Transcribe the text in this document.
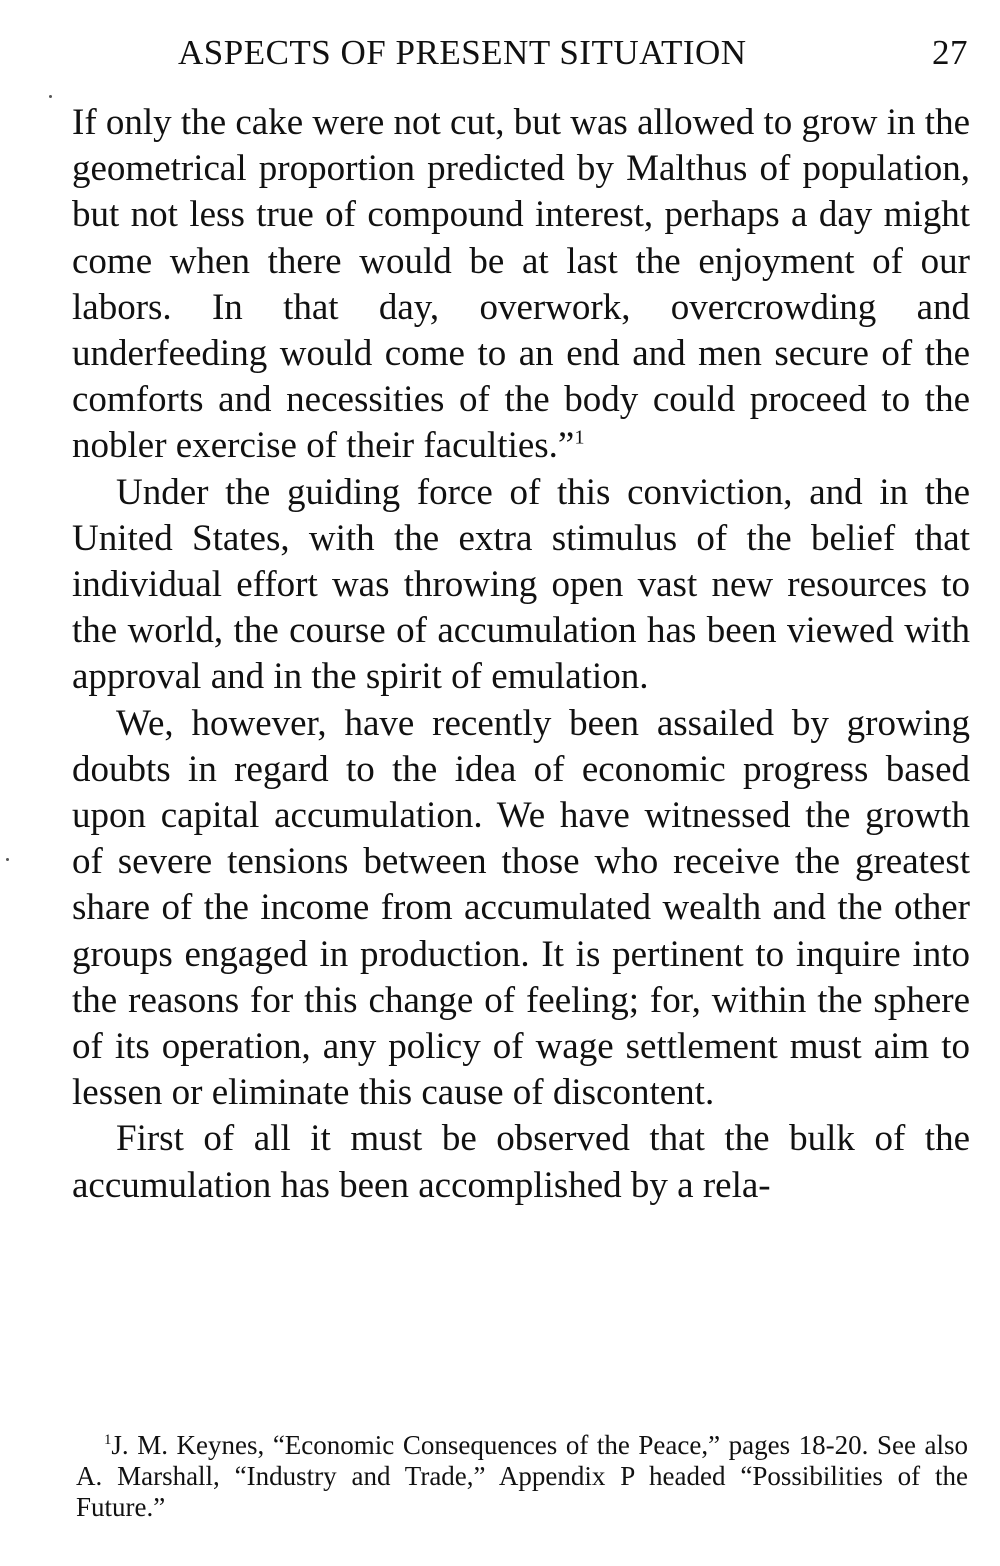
ASPECTS OF PRESENT SITUATION	27

If only the cake were not cut, but was allowed to grow in the geometrical proportion predicted by Malthus of population, but not less true of compound interest, perhaps a day might come when there would be at last the enjoyment of our labors. In that day, overwork, overcrowding and underfeeding would come to an end and men secure of the comforts and necessities of the body could proceed to the nobler exercise of their faculties.”$^1$

Under the guiding force of this conviction, and in the United States, with the extra stimulus of the belief that individual effort was throwing open vast new resources to the world, the course of accumulation has been viewed with approval and in the spirit of emulation.

We, however, have recently been assailed by growing doubts in regard to the idea of economic progress based upon capital accumulation. We have witnessed the growth of severe tensions between those who receive the greatest share of the income from accumulated wealth and the other groups engaged in production. It is pertinent to inquire into the reasons for this change of feeling; for, within the sphere of its operation, any policy of wage settlement must aim to lessen or eliminate this cause of discontent.

First of all it must be observed that the bulk of the accumulation has been accomplished by a rela-

$^1$J. M. Keynes, “Economic Consequences of the Peace,” pages 18-20. See also A. Marshall, “Industry and Trade,” Appendix P headed “Possibilities of the Future.”
